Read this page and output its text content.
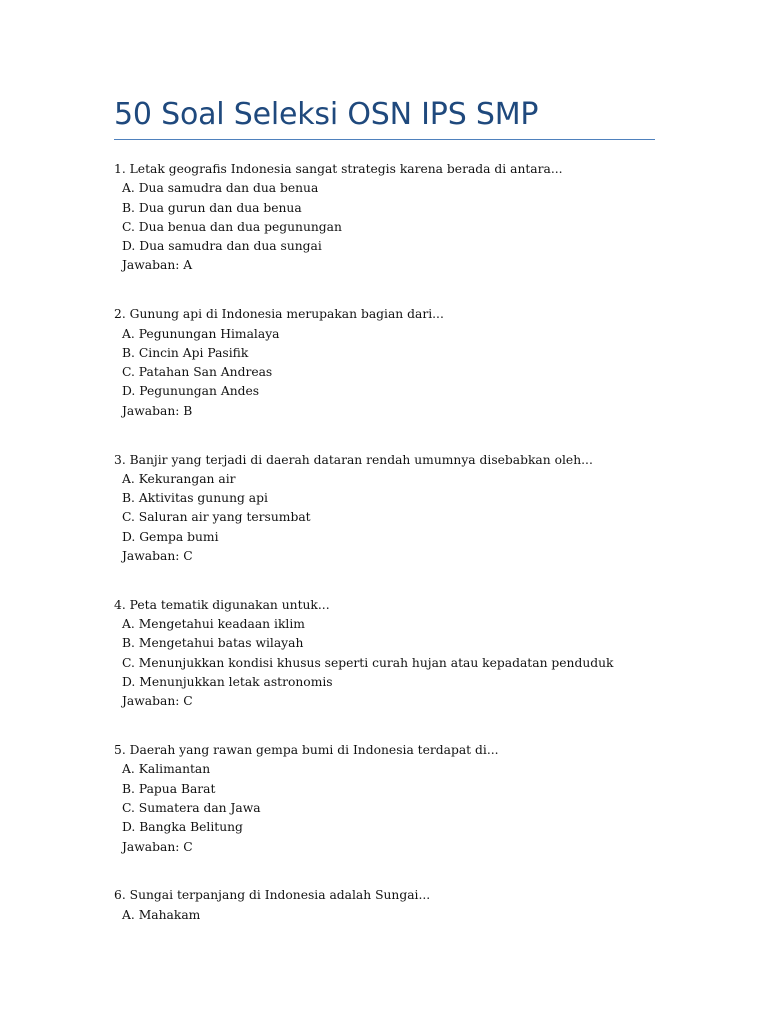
50 Soal Seleksi OSN IPS SMP
1. Letak geografis Indonesia sangat strategis karena berada di antara...
A. Dua samudra dan dua benua
B. Dua gurun dan dua benua
C. Dua benua dan dua pegunungan
D. Dua samudra dan dua sungai
Jawaban: A
2. Gunung api di Indonesia merupakan bagian dari...
A. Pegunungan Himalaya
B. Cincin Api Pasifik
C. Patahan San Andreas
D. Pegunungan Andes
Jawaban: B
3. Banjir yang terjadi di daerah dataran rendah umumnya disebabkan oleh...
A. Kekurangan air
B. Aktivitas gunung api
C. Saluran air yang tersumbat
D. Gempa bumi
Jawaban: C
4. Peta tematik digunakan untuk...
A. Mengetahui keadaan iklim
B. Mengetahui batas wilayah
C. Menunjukkan kondisi khusus seperti curah hujan atau kepadatan penduduk
D. Menunjukkan letak astronomis
Jawaban: C
5. Daerah yang rawan gempa bumi di Indonesia terdapat di...
A. Kalimantan
B. Papua Barat
C. Sumatera dan Jawa
D. Bangka Belitung
Jawaban: C
6. Sungai terpanjang di Indonesia adalah Sungai...
A. Mahakam
